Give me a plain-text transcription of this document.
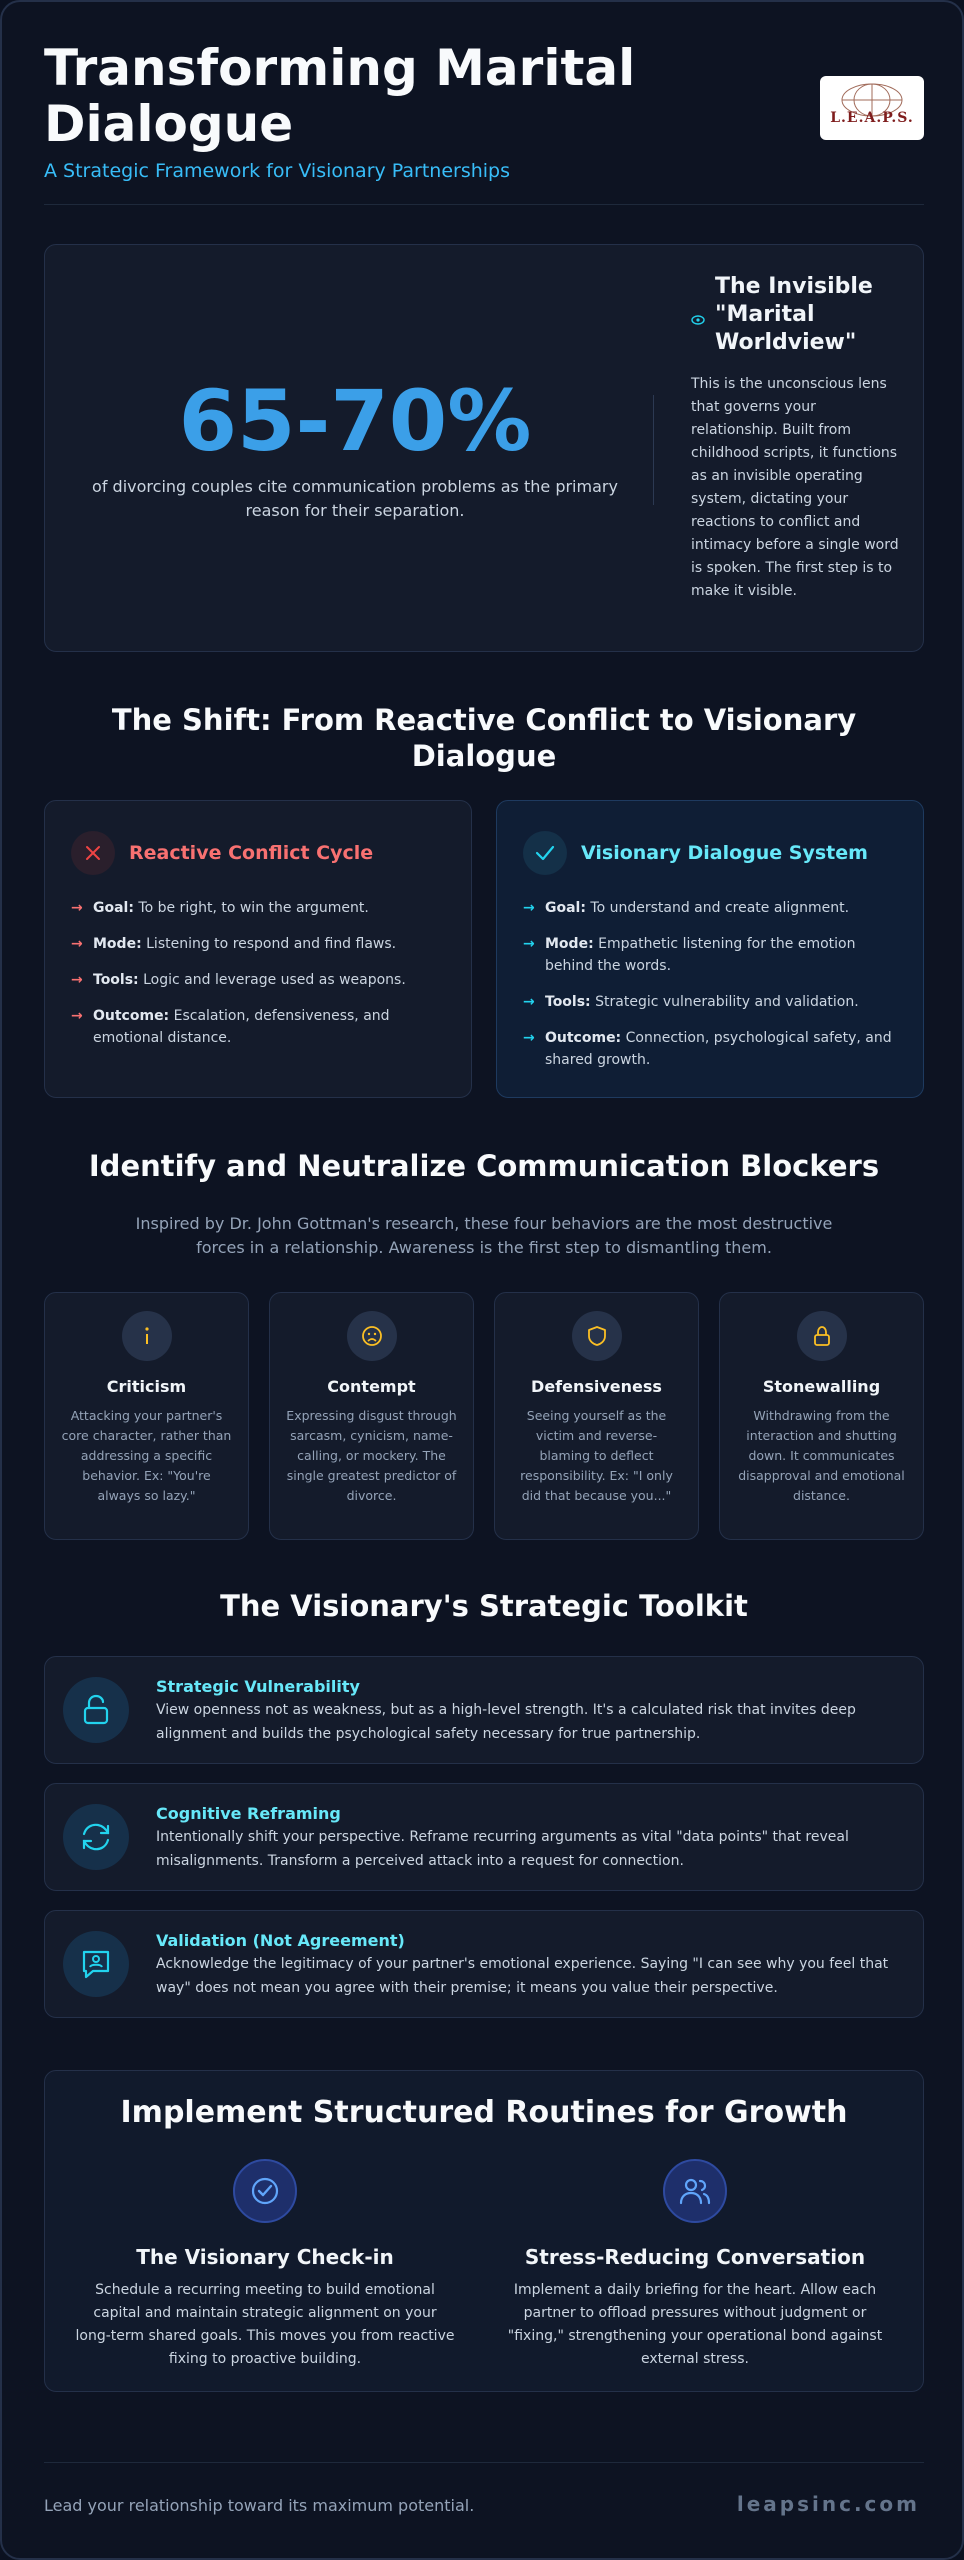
Transforming Marital Dialogue
A Strategic Framework for Visionary Partnerships
L.E.A.P.S.
65-70%
of divorcing couples cite communication problems as the primary reason for their separation.
The Invisible "Marital Worldview"
This is the unconscious lens that governs your relationship. Built from childhood scripts, it functions as an invisible operating system, dictating your reactions to conflict and intimacy before a single word is spoken. The first step is to make it visible.
The Shift: From Reactive Conflict to Visionary Dialogue
Reactive Conflict Cycle
→ Goal: To be right, to win the argument.
→ Mode: Listening to respond and find flaws.
→ Tools: Logic and leverage used as weapons.
→ Outcome: Escalation, defensiveness, and emotional distance.
Visionary Dialogue System
→ Goal: To understand and create alignment.
→ Mode: Empathetic listening for the emotion behind the words.
→ Tools: Strategic vulnerability and validation.
→ Outcome: Connection, psychological safety, and shared growth.
Identify and Neutralize Communication Blockers
Inspired by Dr. John Gottman's research, these four behaviors are the most destructive forces in a relationship. Awareness is the first step to dismantling them.
Criticism
Attacking your partner's core character, rather than addressing a specific behavior. Ex: "You're always so lazy."
Contempt
Expressing disgust through sarcasm, cynicism, name-calling, or mockery. The single greatest predictor of divorce.
Defensiveness
Seeing yourself as the victim and reverse-blaming to deflect responsibility. Ex: "I only did that because you..."
Stonewalling
Withdrawing from the interaction and shutting down. It communicates disapproval and emotional distance.
The Visionary's Strategic Toolkit
Strategic Vulnerability
View openness not as weakness, but as a high-level strength. It's a calculated risk that invites deep alignment and builds the psychological safety necessary for true partnership.
Cognitive Reframing
Intentionally shift your perspective. Reframe recurring arguments as vital "data points" that reveal misalignments. Transform a perceived attack into a request for connection.
Validation (Not Agreement)
Acknowledge the legitimacy of your partner's emotional experience. Saying "I can see why you feel that way" does not mean you agree with their premise; it means you value their perspective.
Implement Structured Routines for Growth
The Visionary Check-in
Schedule a recurring meeting to build emotional capital and maintain strategic alignment on your long-term shared goals. This moves you from reactive fixing to proactive building.
Stress-Reducing Conversation
Implement a daily briefing for the heart. Allow each partner to offload pressures without judgment or "fixing," strengthening your operational bond against external stress.
Lead your relationship toward its maximum potential.	leapsinc.com
